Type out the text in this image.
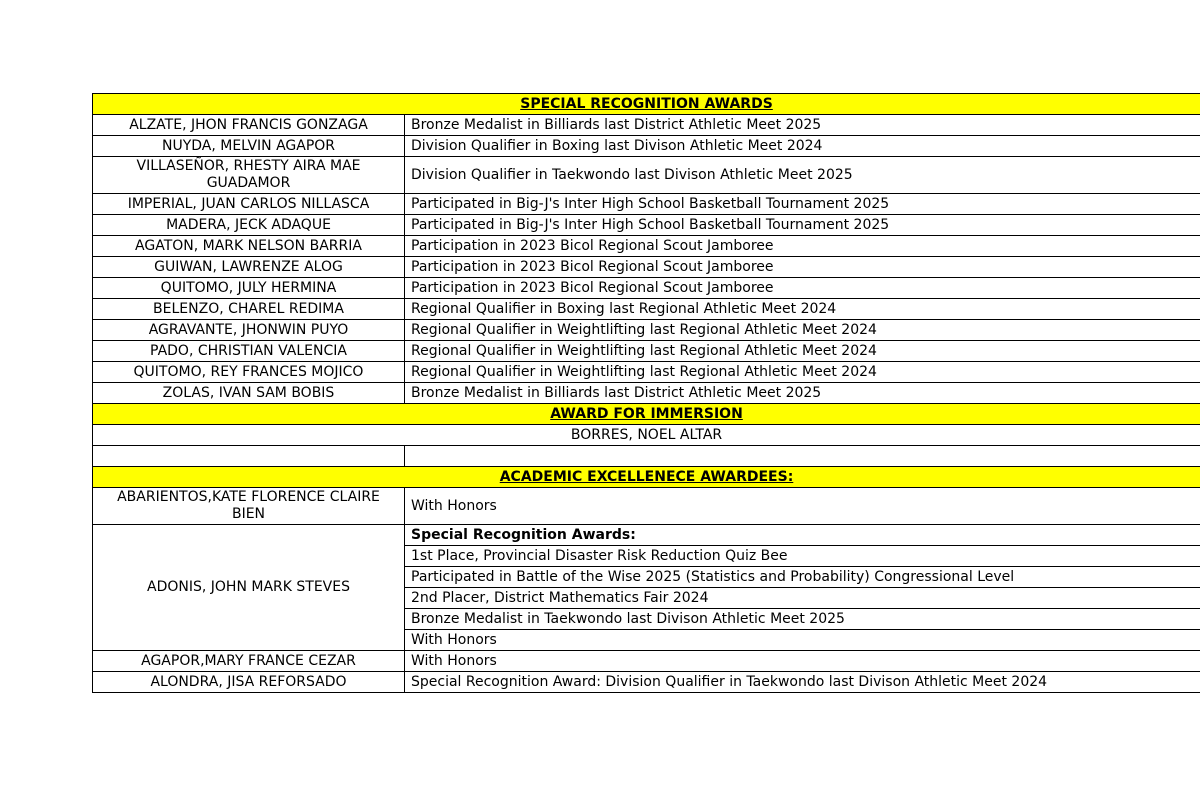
SPECIAL RECOGNITION AWARDS	
ALZATE, JHON FRANCIS GONZAGA	Bronze Medalist in Billiards last District Athletic Meet 2025
NUYDA, MELVIN AGAPOR	Division Qualifier in Boxing last Divison Athletic Meet 2024
VILLASEÑOR, RHESTY AIRA MAE GUADAMOR	Division Qualifier in Taekwondo last Divison Athletic Meet 2025
IMPERIAL, JUAN CARLOS NILLASCA	Participated in Big-J's Inter High School Basketball Tournament 2025
MADERA, JECK ADAQUE	Participated in Big-J's Inter High School Basketball Tournament 2025
AGATON, MARK NELSON BARRIA	Participation in 2023 Bicol Regional Scout Jamboree
GUIWAN, LAWRENZE ALOG	Participation in 2023 Bicol Regional Scout Jamboree
QUITOMO, JULY HERMINA	Participation in 2023 Bicol Regional Scout Jamboree
BELENZO, CHAREL REDIMA	Regional Qualifier in Boxing last Regional Athletic Meet 2024
AGRAVANTE, JHONWIN PUYO	Regional Qualifier in Weightlifting last Regional Athletic Meet 2024
PADO, CHRISTIAN VALENCIA	Regional Qualifier in Weightlifting last Regional Athletic Meet 2024
QUITOMO, REY FRANCES MOJICO	Regional Qualifier in Weightlifting last Regional Athletic Meet 2024
ZOLAS, IVAN SAM BOBIS	Bronze Medalist in Billiards last District Athletic Meet 2025
AWARD FOR IMMERSION	
BORRES, NOEL ALTAR	

ACADEMIC EXCELLENECE AWARDEES:	
ABARIENTOS,KATE FLORENCE CLAIRE BIEN	With Honors
ADONIS, JOHN MARK STEVES	Special Recognition Awards:
	1st Place, Provincial Disaster Risk Reduction Quiz Bee
	Participated in Battle of the Wise 2025 (Statistics and Probability) Congressional Level
	2nd Placer, District Mathematics Fair 2024
	Bronze Medalist in Taekwondo last Divison Athletic Meet 2025
	With Honors
AGAPOR,MARY FRANCE CEZAR	With Honors
ALONDRA, JISA REFORSADO	Special Recognition Award: Division Qualifier in Taekwondo last Divison Athletic Meet 2024
